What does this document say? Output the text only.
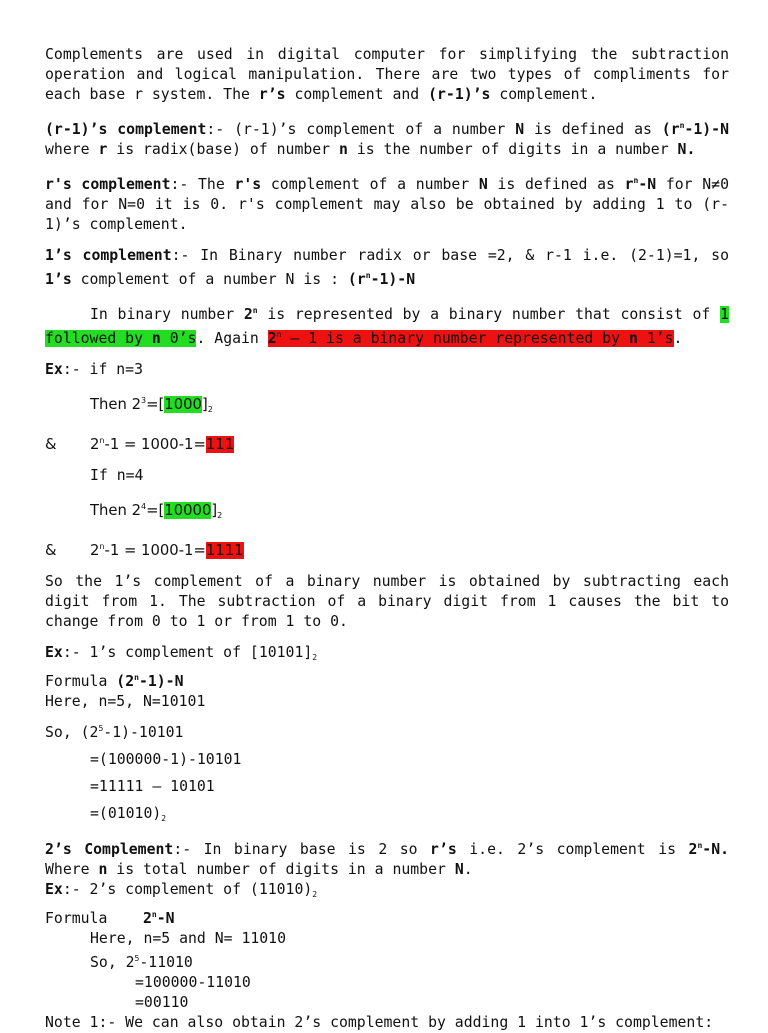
Complements are used in digital computer for simplifying the subtraction operation and logical manipulation. There are two types of compliments for each base r system. The r’s complement and (r-1)’s complement.

(r-1)’s complement:- (r-1)’s complement of a number N is defined as $(r^n-1)-N$ where r is radix(base) of number n is the number of digits in a number N.

r's complement:- The r's complement of a number N is defined as $r^n-N$ for N≠0 and for N=0 it is 0. r's complement may also be obtained by adding 1 to (r-1)’s complement.

1’s complement:- In Binary number radix or base =2, & r-1 i.e. (2-1)=1, so 1’s complement of a number N is : $(r^n-1)-N$

In binary number 2$^n$ is represented by a binary number that consist of 1 followed by n 0’s. Again 2$^n$ – 1 is a binary number represented by n 1’s.

Ex:- if n=3

Then $2^3=[1000]_2$

& $2^n-1 = 1000-1=111$

If n=4

Then $2^4=[10000]_2$

& $2^n-1 = 1000-1=1111$

So the 1’s complement of a binary number is obtained by subtracting each digit from 1. The subtraction of a binary digit from 1 causes the bit to change from 0 to 1 or from 1 to 0.

Ex:- 1’s complement of $[10101]_2$

Formula (2$^n$-1)-N

Here, n=5, N=10101

So, $(2^5-1)-10101$

=(100000-1)-10101

=11111 – 10101

$=(01010)_2$

2’s Complement:- In binary base is 2 so r’s i.e. 2’s complement is 2$^n$-N. Where n is total number of digits in a number N.

Ex:- 2’s complement of $(11010)_2$

Formula    2$^n$-N

Here, n=5 and N= 11010

So, $2^5-11010$

=100000-11010

=00110

Note 1:- We can also obtain 2’s complement by adding 1 into 1’s complement:
